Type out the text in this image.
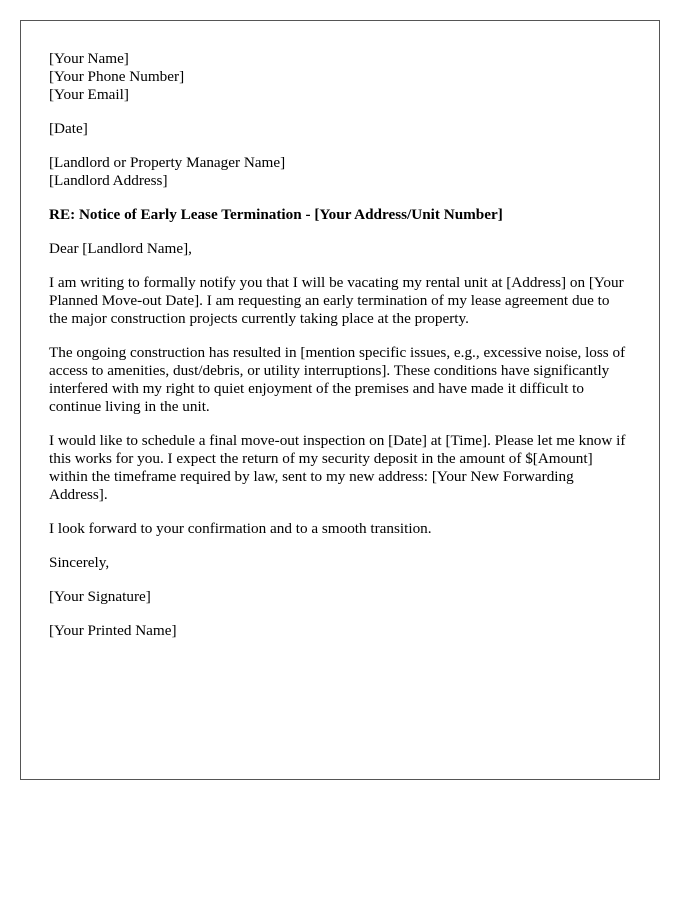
[Your Name]
[Your Phone Number]
[Your Email]
[Date]
[Landlord or Property Manager Name]
[Landlord Address]

RE: Notice of Early Lease Termination - [Your Address/Unit Number]

Dear [Landlord Name],

I am writing to formally notify you that I will be vacating my rental unit at [Address] on [Your Planned Move-out Date]. I am requesting an early termination of my lease agreement due to the major construction projects currently taking place at the property.

The ongoing construction has resulted in [mention specific issues, e.g., excessive noise, loss of access to amenities, dust/debris, or utility interruptions]. These conditions have significantly interfered with my right to quiet enjoyment of the premises and have made it difficult to continue living in the unit.

I would like to schedule a final move-out inspection on [Date] at [Time]. Please let me know if this works for you. I expect the return of my security deposit in the amount of $[Amount] within the timeframe required by law, sent to my new address: [Your New Forwarding Address].

I look forward to your confirmation and to a smooth transition.

Sincerely,

[Your Signature]

[Your Printed Name]
